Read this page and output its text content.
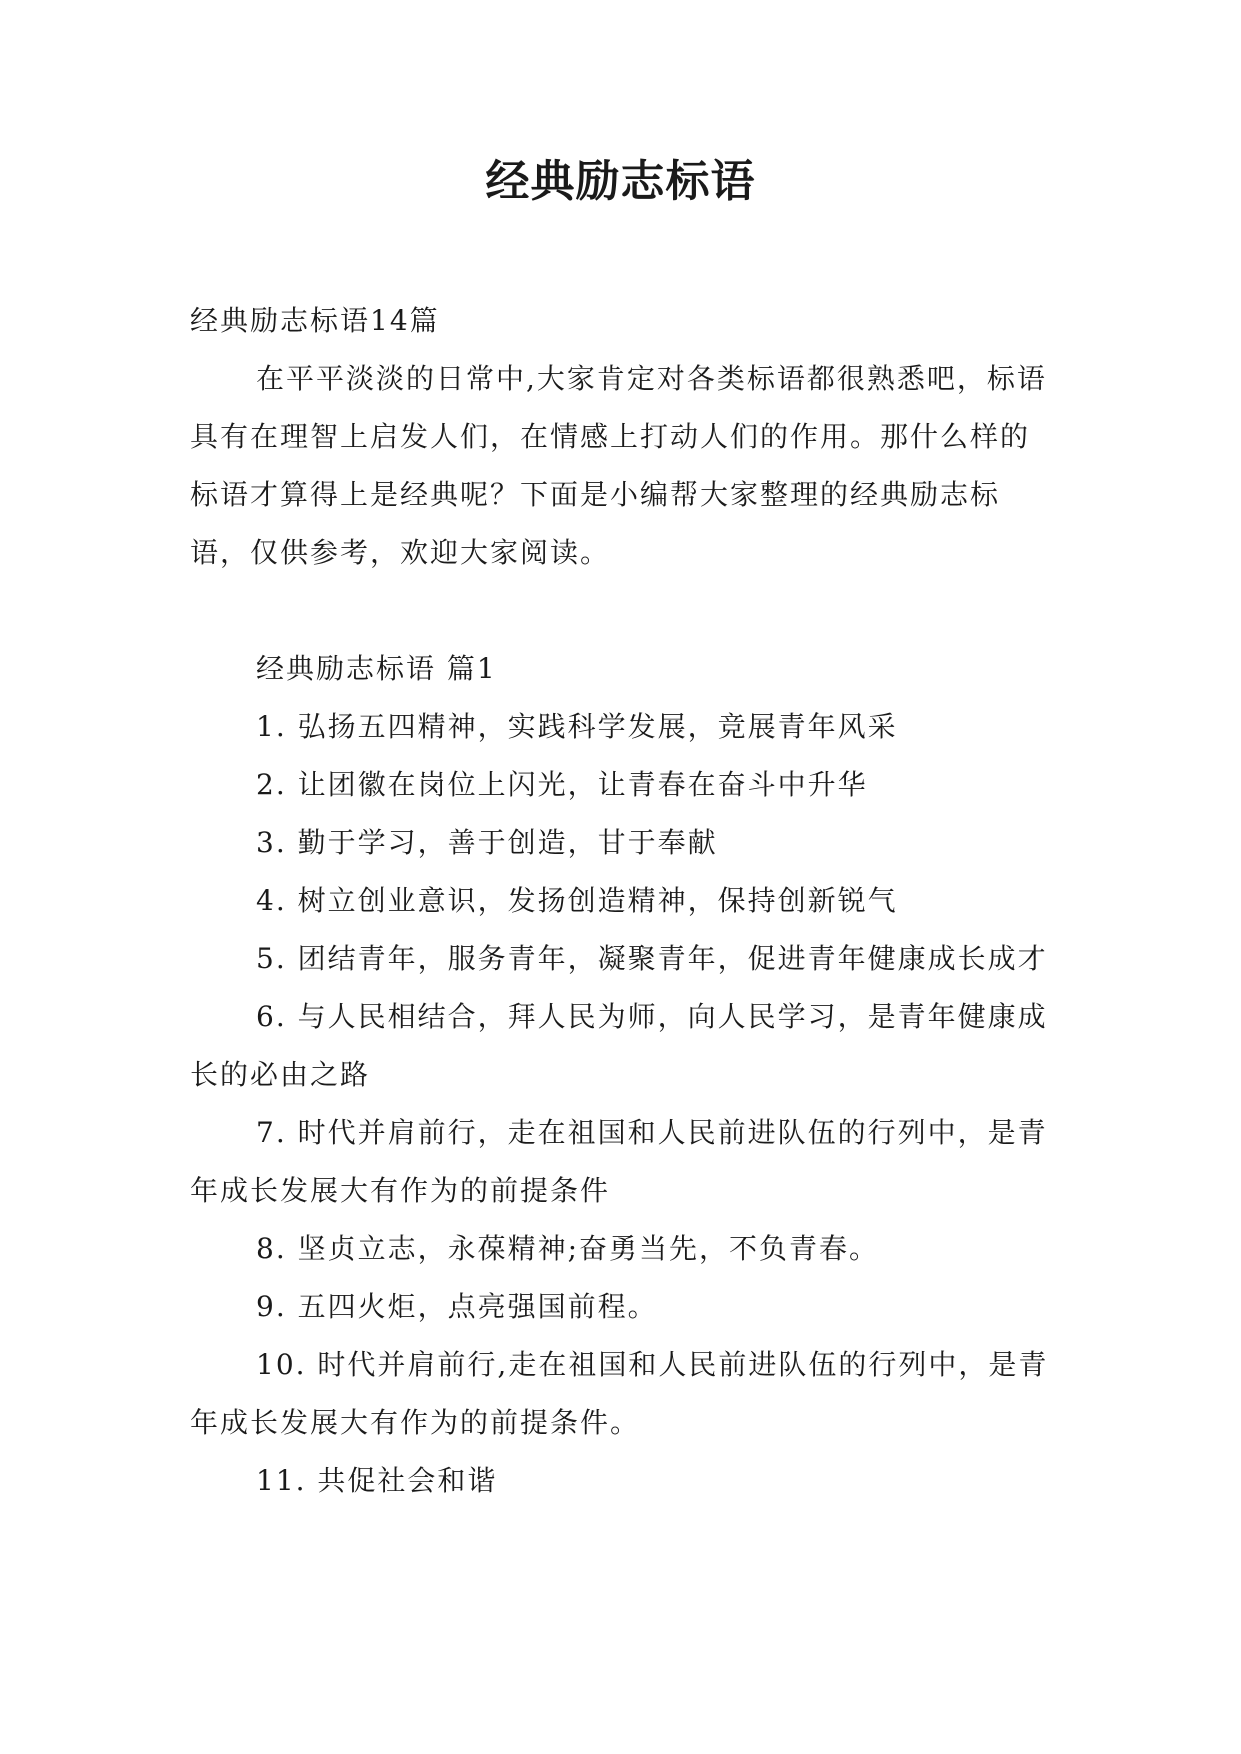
经典励志标语

经典励志标语14篇

在平平淡淡的日常中,大家肯定对各类标语都很熟悉吧，标语具有在理智上启发人们，在情感上打动人们的作用。那什么样的标语才算得上是经典呢？下面是小编帮大家整理的经典励志标语，仅供参考，欢迎大家阅读。

经典励志标语 篇1

1. 弘扬五四精神，实践科学发展，竞展青年风采

2. 让团徽在岗位上闪光，让青春在奋斗中升华

3. 勤于学习，善于创造，甘于奉献

4. 树立创业意识，发扬创造精神，保持创新锐气

5. 团结青年，服务青年，凝聚青年，促进青年健康成长成才

6. 与人民相结合，拜人民为师，向人民学习，是青年健康成长的必由之路

7. 时代并肩前行，走在祖国和人民前进队伍的行列中，是青年成长发展大有作为的前提条件

8. 坚贞立志，永葆精神;奋勇当先，不负青春。

9. 五四火炬，点亮强国前程。

10. 时代并肩前行,走在祖国和人民前进队伍的行列中，是青年成长发展大有作为的前提条件。

11. 共促社会和谐
